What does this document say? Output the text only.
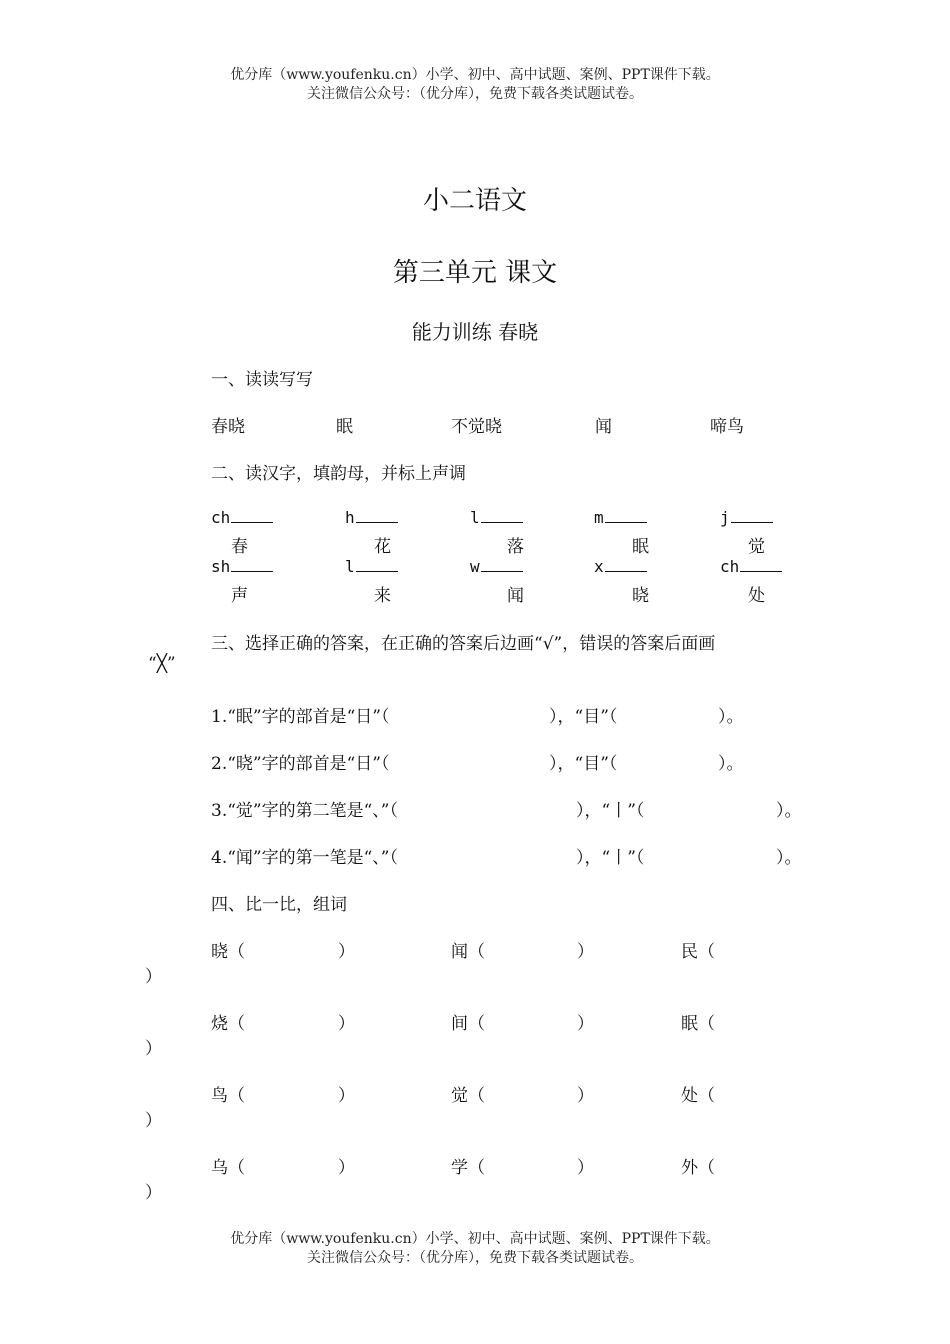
优分库（www.youfenku.cn）小学、初中、高中试题、案例、PPT课件下载。
关注微信公众号：（优分库），免费下载各类试题试卷。
小二语文
第三单元 课文
能力训练 春晓
一、读读写写
春晓	眠	不觉晓	闻	啼鸟
二、读汉字，填韵母，并标上声调
ch	h	l	m	j
春	花	落	眠	觉
sh	l	w	x	ch
声	来	闻	晓	处
三、选择正确的答案，在正确的答案后边画“√”，错误的答案后面画
“╳”
1.“眠”字的部首是“日”（	），“目”（	）。
2.“晓”字的部首是“日”（	），“目”（	）。
3.“觉”字的第二笔是“、”（	），“丨”（	）。
4.“闻”字的第一笔是“、”（	），“丨”（	）。
四、比一比，组词
晓（	）	闻（	）	民（
）
烧（	）	间（	）	眠（
）
鸟（	）	觉（	）	处（
）
乌（	）	学（	）	外（
）
优分库（www.youfenku.cn）小学、初中、高中试题、案例、PPT课件下载。
关注微信公众号：（优分库），免费下载各类试题试卷。
